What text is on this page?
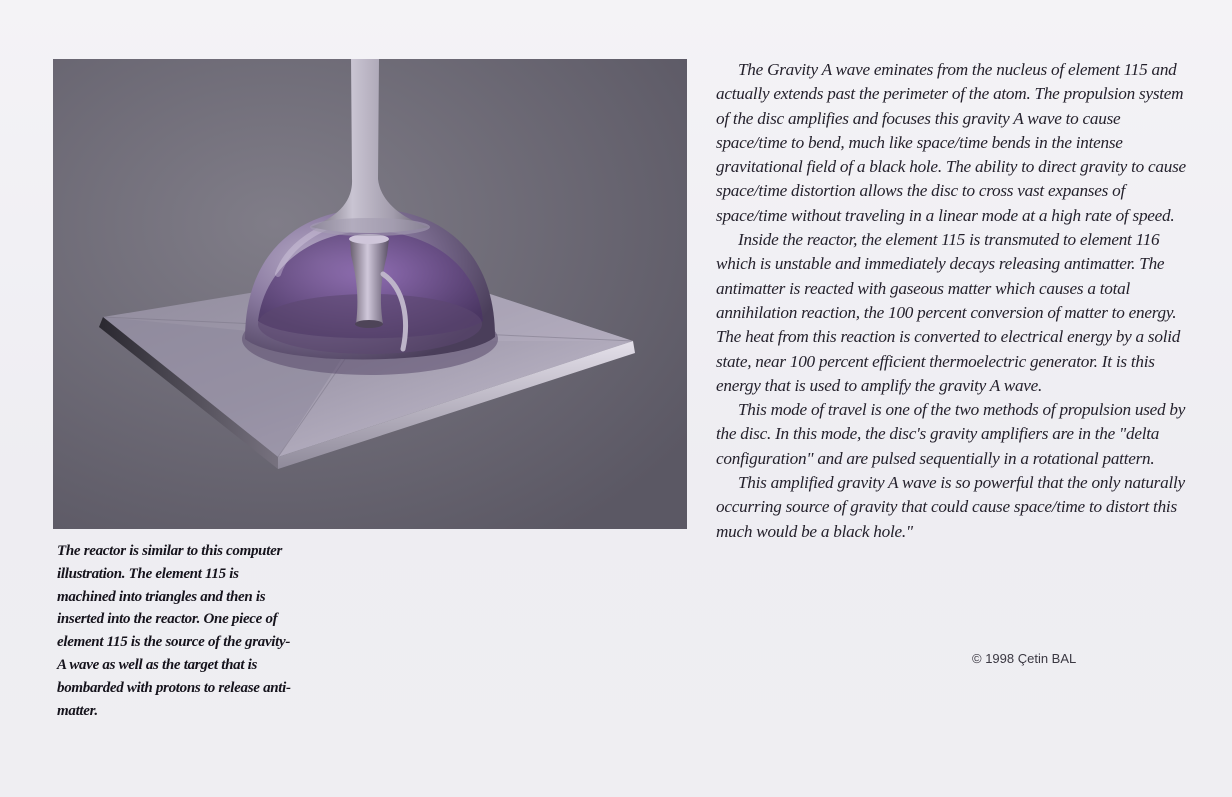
The reactor is similar to this computer illustration. The element 115 is machined into triangles and then is inserted into the reactor. One piece of element 115 is the source of the gravity-A wave as well as the target that is bombarded with protons to release anti-matter.

The Gravity A wave eminates from the nucleus of element 115 and actually extends past the perimeter of the atom. The propulsion system of the disc amplifies and focuses this gravity A wave to cause space/time to bend, much like space/time bends in the intense gravitational field of a black hole. The ability to direct gravity to cause space/time distortion allows the disc to cross vast expanses of space/time without traveling in a linear mode at a high rate of speed.

Inside the reactor, the element 115 is transmuted to element 116 which is unstable and immediately decays releasing antimatter. The antimatter is reacted with gaseous matter which causes a total annihilation reaction, the 100 percent conversion of matter to energy. The heat from this reaction is converted to electrical energy by a solid state, near 100 percent efficient thermoelectric generator. It is this energy that is used to amplify the gravity A wave.

This mode of travel is one of the two methods of propulsion used by the disc. In this mode, the disc's gravity amplifiers are in the "delta configuration" and are pulsed sequentially in a rotational pattern.

This amplified gravity A wave is so powerful that the only naturally occurring source of gravity that could cause space/time to distort this much would be a black hole."

© 1998 Çetin BAL
